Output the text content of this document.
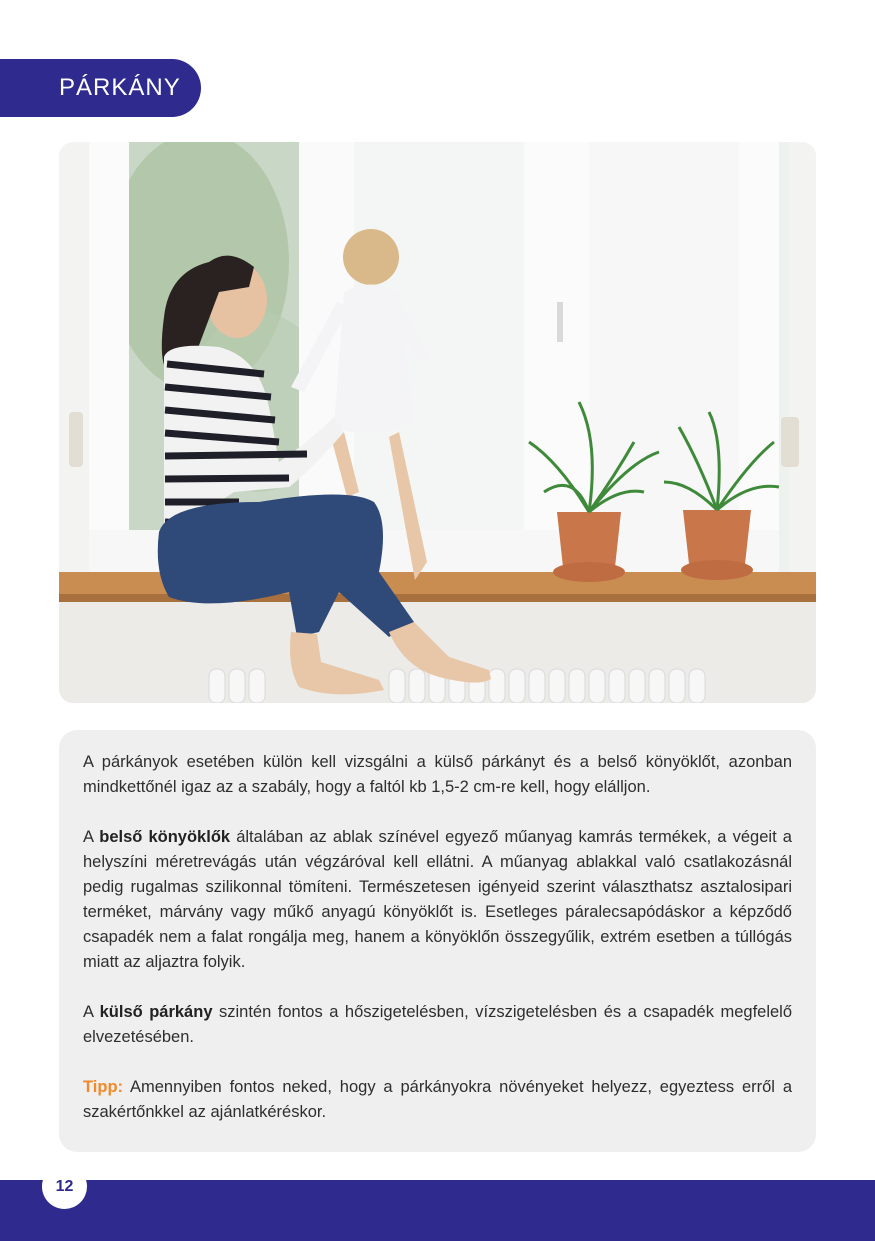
PÁRKÁNY

A párkányok esetében külön kell vizsgálni a külső párkányt és a belső könyöklőt, azonban mindkettőnél igaz az a szabály, hogy a faltól kb 1,5-2 cm-re kell, hogy elálljon.

A belső könyöklők általában az ablak színével egyező műanyag kamrás termékek, a végeit a helyszíni méretrevágás után végzáróval kell ellátni. A műanyag ablakkal való csatlakozásnál pedig rugalmas szilikonnal tömíteni. Természetesen igényeid szerint választhatsz asztalosipari terméket, márvány vagy műkő anyagú könyöklőt is. Esetleges páralecsapódáskor a képződő csapadék nem a falat rongálja meg, hanem a könyöklőn összegyűlik, extrém esetben a túllógás miatt az aljaztra folyik.

A külső párkány szintén fontos a hőszigetelésben, vízszigetelésben és a csapadék megfelelő elvezetésében.

Tipp: Amennyiben fontos neked, hogy a párkányokra növényeket helyezz, egyeztess erről a szakértőnkkel az ajánlatkéréskor.

12
